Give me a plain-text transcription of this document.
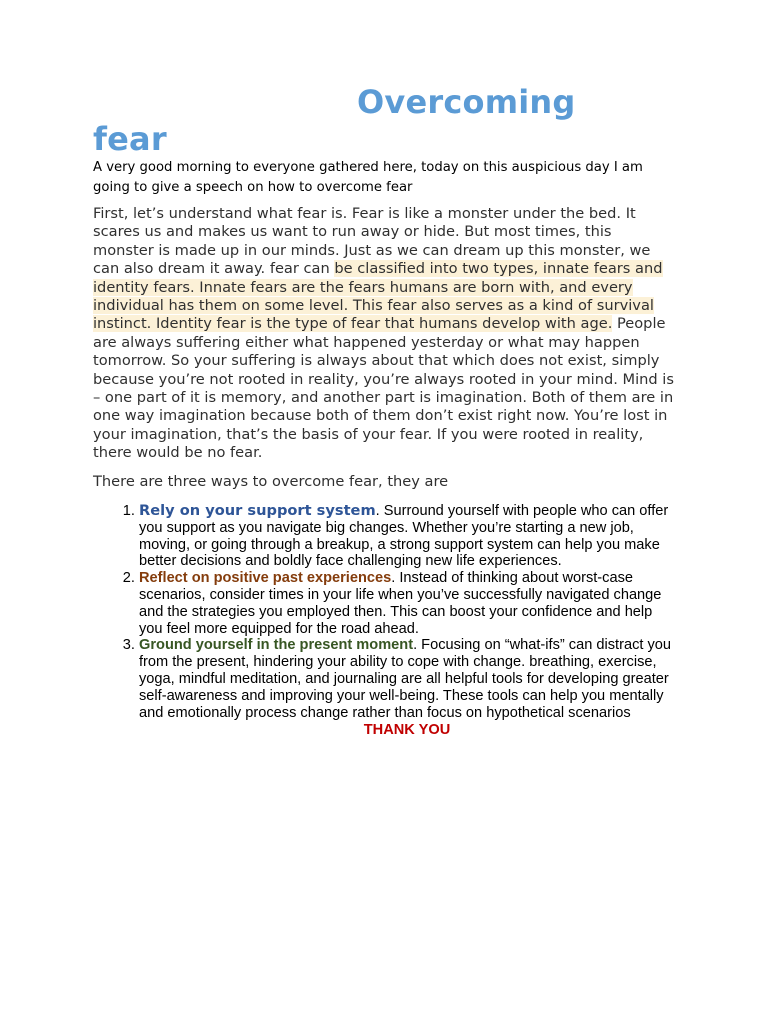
Overcoming
fear

A very good morning to everyone gathered here, today on this auspicious day I am going to give a speech on how to overcome fear

First, let’s understand what fear is. Fear is like a monster under the bed. It scares us and makes us want to run away or hide. But most times, this monster is made up in our minds. Just as we can dream up this monster, we can also dream it away. fear can be classified into two types, innate fears and identity fears. Innate fears are the fears humans are born with, and every individual has them on some level. This fear also serves as a kind of survival instinct. Identity fear is the type of fear that humans develop with age. People are always suffering either what happened yesterday or what may happen tomorrow. So your suffering is always about that which does not exist, simply because you’re not rooted in reality, you’re always rooted in your mind. Mind is – one part of it is memory, and another part is imagination. Both of them are in one way imagination because both of them don’t exist right now. You’re lost in your imagination, that’s the basis of your fear. If you were rooted in reality, there would be no fear.

There are three ways to overcome fear, they are

1. Rely on your support system. Surround yourself with people who can offer you support as you navigate big changes. Whether you’re starting a new job, moving, or going through a breakup, a strong support system can help you make better decisions and boldly face challenging new life experiences.
2. Reflect on positive past experiences. Instead of thinking about worst-case scenarios, consider times in your life when you’ve successfully navigated change and the strategies you employed then. This can boost your confidence and help you feel more equipped for the road ahead.
3. Ground yourself in the present moment. Focusing on “what-ifs” can distract you from the present, hindering your ability to cope with change. breathing, exercise, yoga, mindful meditation, and journaling are all helpful tools for developing greater self-awareness and improving your well-being. These tools can help you mentally and emotionally process change rather than focus on hypothetical scenarios

THANK YOU
